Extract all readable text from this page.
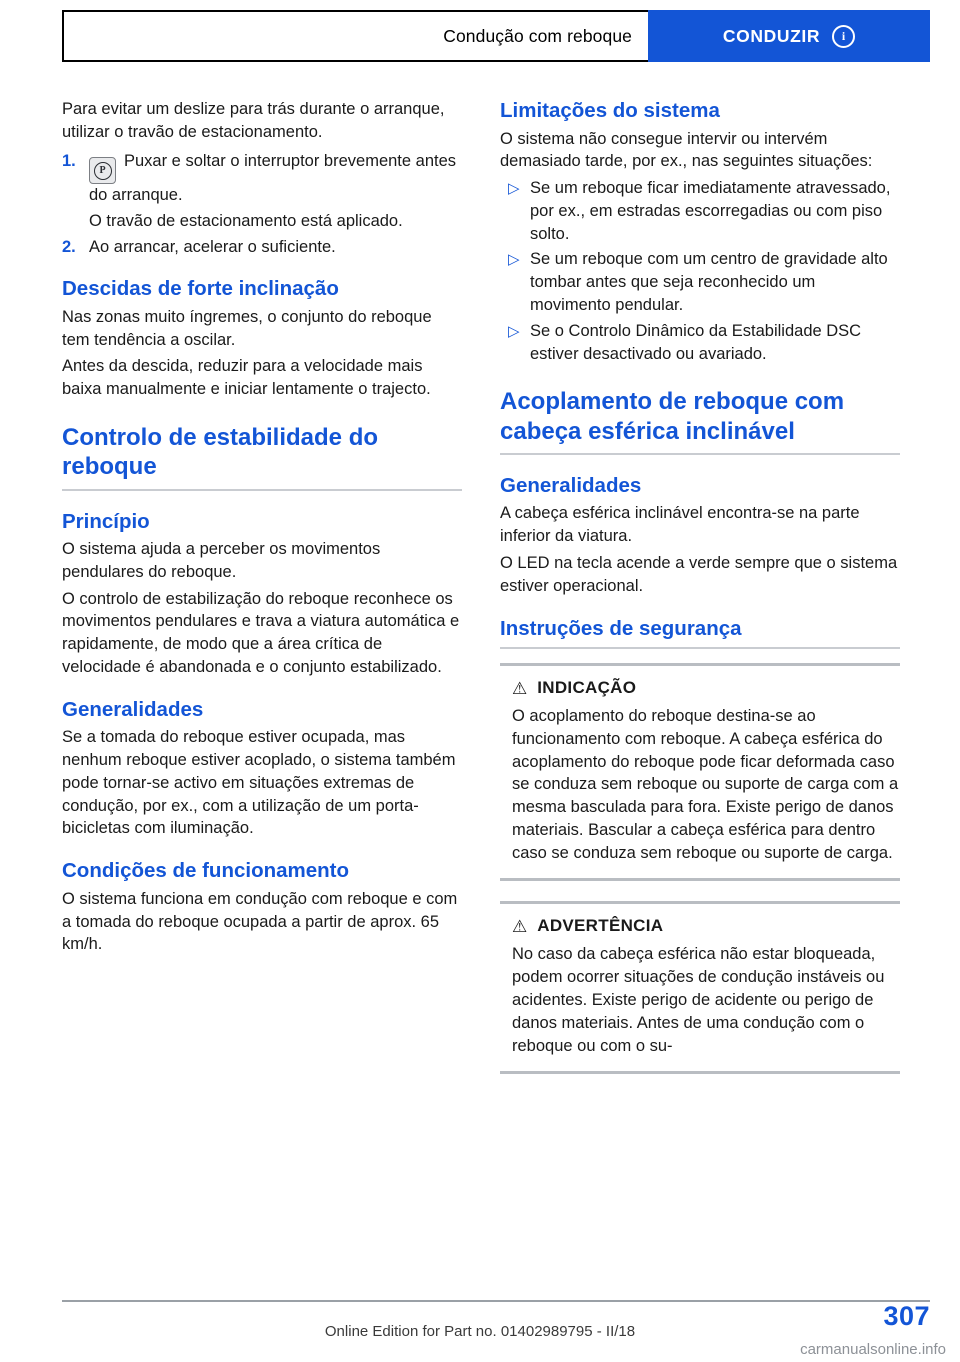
Condução com reboque	CONDUZIR	i

Para evitar um deslize para trás durante o arranque, utilizar o travão de estacionamento.

1.
P
Puxar e soltar o interruptor brevemente antes do arranque.
O travão de estacionamento está aplicado.
2. Ao arrancar, acelerar o suficiente.
Descidas de forte inclinação

Nas zonas muito íngremes, o conjunto do reboque tem tendência a oscilar.

Antes da descida, reduzir para a velocidade mais baixa manualmente e iniciar lentamente o trajecto.

Controlo de estabilidade do reboque
Princípio

O sistema ajuda a perceber os movimentos pendulares do reboque.

O controlo de estabilização do reboque reconhece os movimentos pendulares e trava a viatura automática e rapidamente, de modo que a área crítica de velocidade é abandonada e o conjunto estabilizado.

Generalidades

Se a tomada do reboque estiver ocupada, mas nenhum reboque estiver acoplado, o sistema também pode tornar-se activo em situações extremas de condução, por ex., com a utilização de um porta-bicicletas com iluminação.

Condições de funcionamento

O sistema funciona em condução com reboque e com a tomada do reboque ocupada a partir de aprox. 65 km/h.

Limitações do sistema

O sistema não consegue intervir ou intervém demasiado tarde, por ex., nas seguintes situações:

▷ Se um reboque ficar imediatamente atravessado, por ex., em estradas escorregadias ou com piso solto.
▷ Se um reboque com um centro de gravidade alto tombar antes que seja reconhecido um movimento pendular.
▷ Se o Controlo Dinâmico da Estabilidade DSC estiver desactivado ou avariado.
Acoplamento de reboque com cabeça esférica inclinável
Generalidades

A cabeça esférica inclinável encontra-se na parte inferior da viatura.

O LED na tecla acende a verde sempre que o sistema estiver operacional.

Instruções de segurança
⚠ INDICAÇÃO

O acoplamento do reboque destina-se ao funcionamento com reboque. A cabeça esférica do acoplamento do reboque pode ficar deformada caso se conduza sem reboque ou suporte de carga com a mesma basculada para fora. Existe perigo de danos materiais. Bascular a cabeça esférica para dentro caso se conduza sem reboque ou suporte de carga.

⚠ ADVERTÊNCIA

No caso da cabeça esférica não estar bloqueada, podem ocorrer situações de condução instáveis ou acidentes. Existe perigo de acidente ou perigo de danos materiais. Antes de uma condução com o reboque ou com o su-

307
Online Edition for Part no. 01402989795 - II/18
carmanualsonline.info
